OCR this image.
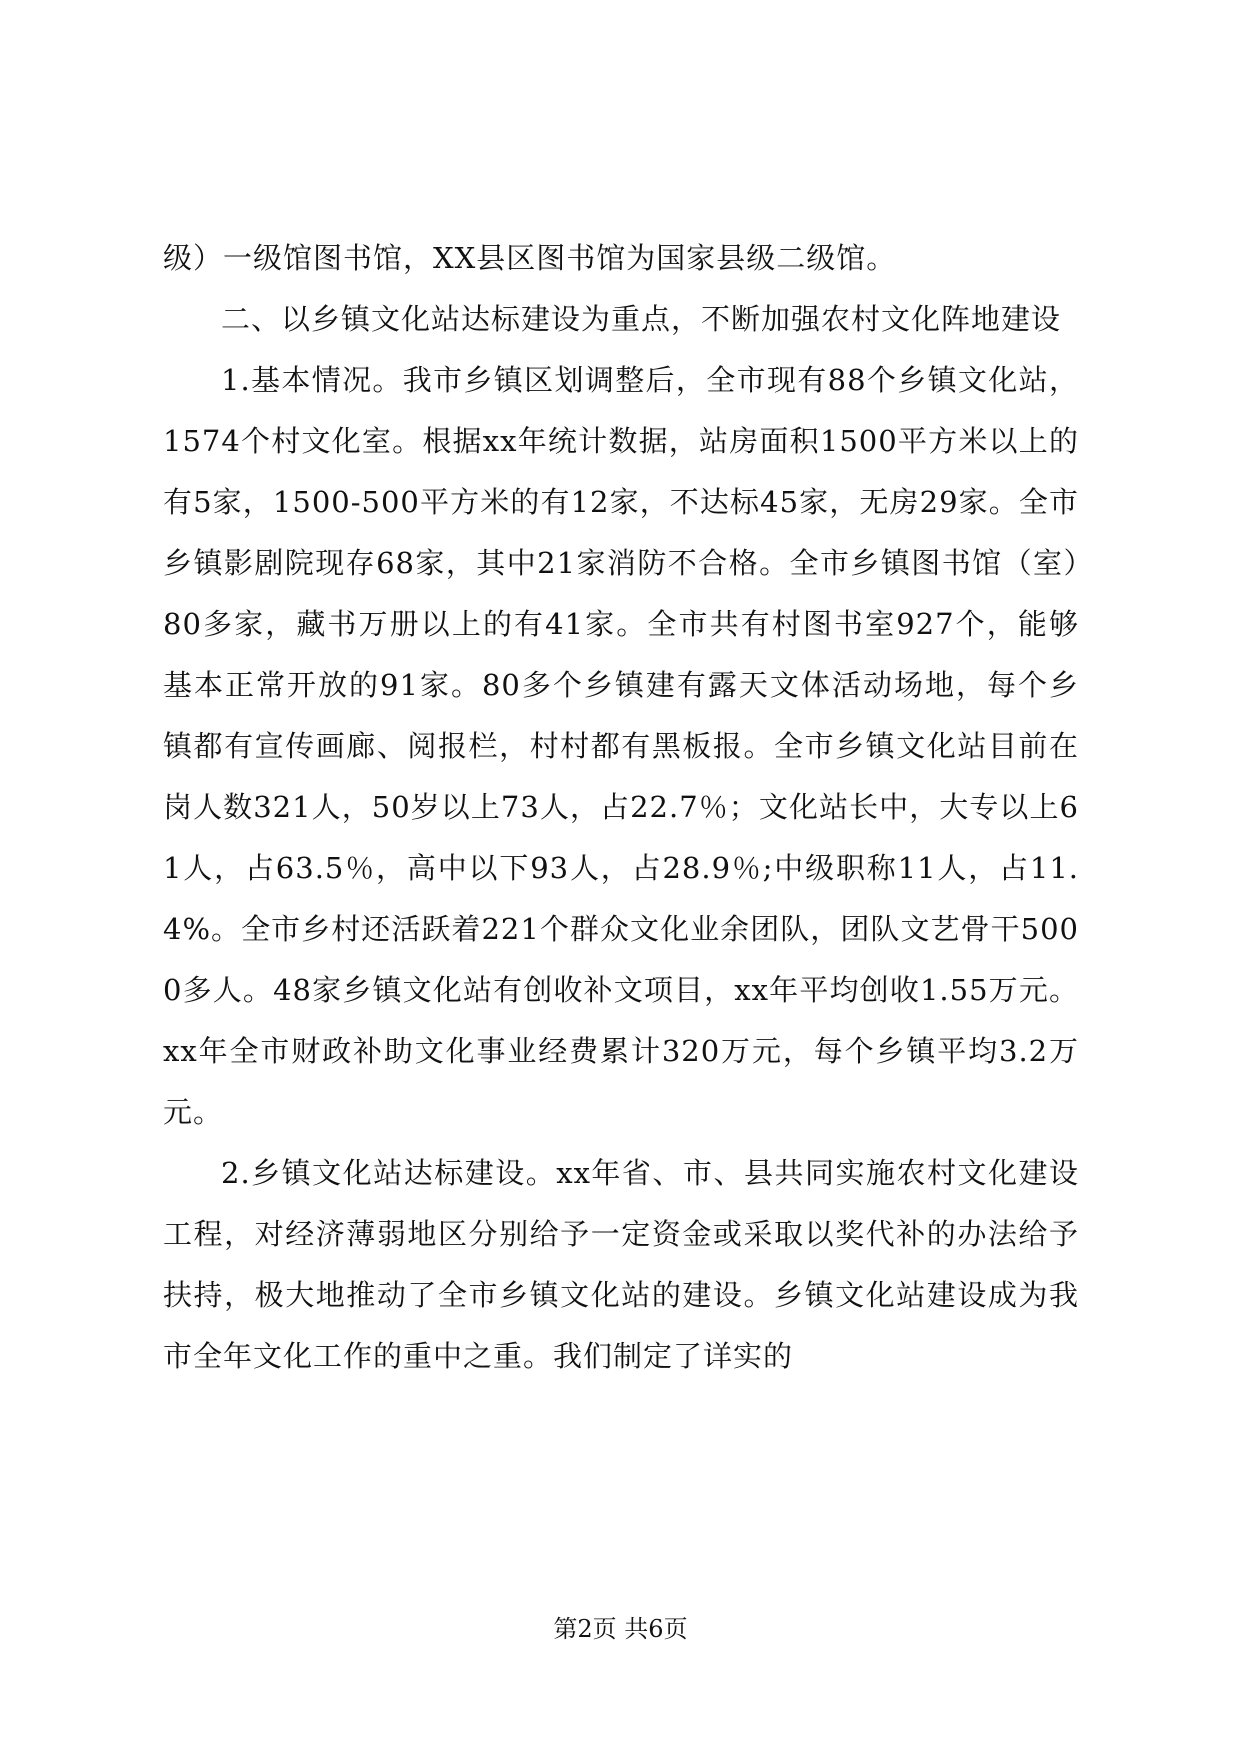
级）一级馆图书馆，XX县区图书馆为国家县级二级馆。

二、以乡镇文化站达标建设为重点，不断加强农村文化阵地建设

1.基本情况。我市乡镇区划调整后，全市现有88个乡镇文化站，1574个村文化室。根据xx年统计数据，站房面积1500平方米以上的有5家，1500-500平方米的有12家，不达标45家，无房29家。全市乡镇影剧院现存68家，其中21家消防不合格。全市乡镇图书馆（室）80多家，藏书万册以上的有41家。全市共有村图书室927个，能够基本正常开放的91家。80多个乡镇建有露天文体活动场地，每个乡镇都有宣传画廊、阅报栏，村村都有黑板报。全市乡镇文化站目前在岗人数321人，50岁以上73人，占22.7％；文化站长中，大专以上61人，占63.5％，高中以下93人，占28.9％;中级职称11人，占11.4%。全市乡村还活跃着221个群众文化业余团队，团队文艺骨干5000多人。48家乡镇文化站有创收补文项目，xx年平均创收1.55万元。xx年全市财政补助文化事业经费累计320万元，每个乡镇平均3.2万元。

2.乡镇文化站达标建设。xx年省、市、县共同实施农村文化建设工程，对经济薄弱地区分别给予一定资金或采取以奖代补的办法给予扶持，极大地推动了全市乡镇文化站的建设。乡镇文化站建设成为我市全年文化工作的重中之重。我们制定了详实的

第2页 共6页
